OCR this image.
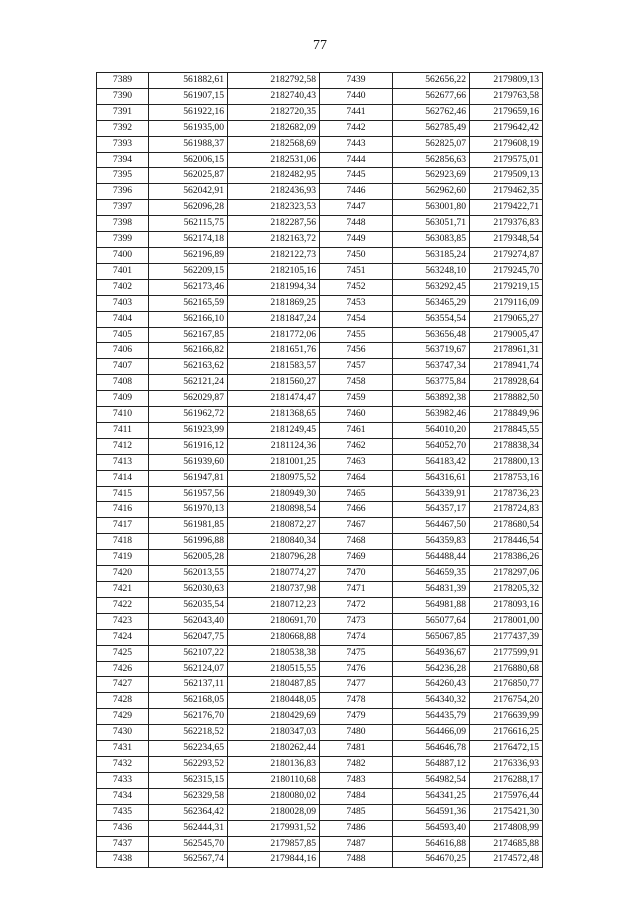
77
7389	561882,61	2182792,58	7439	562656,22	2179809,13
7390	561907,15	2182740,43	7440	562677,66	2179763,58
7391	561922,16	2182720,35	7441	562762,46	2179659,16
7392	561935,00	2182682,09	7442	562785,49	2179642,42
7393	561988,37	2182568,69	7443	562825,07	2179608,19
7394	562006,15	2182531,06	7444	562856,63	2179575,01
7395	562025,87	2182482,95	7445	562923,69	2179509,13
7396	562042,91	2182436,93	7446	562962,60	2179462,35
7397	562096,28	2182323,53	7447	563001,80	2179422,71
7398	562115,75	2182287,56	7448	563051,71	2179376,83
7399	562174,18	2182163,72	7449	563083,85	2179348,54
7400	562196,89	2182122,73	7450	563185,24	2179274,87
7401	562209,15	2182105,16	7451	563248,10	2179245,70
7402	562173,46	2181994,34	7452	563292,45	2179219,15
7403	562165,59	2181869,25	7453	563465,29	2179116,09
7404	562166,10	2181847,24	7454	563554,54	2179065,27
7405	562167,85	2181772,06	7455	563656,48	2179005,47
7406	562166,82	2181651,76	7456	563719,67	2178961,31
7407	562163,62	2181583,57	7457	563747,34	2178941,74
7408	562121,24	2181560,27	7458	563775,84	2178928,64
7409	562029,87	2181474,47	7459	563892,38	2178882,50
7410	561962,72	2181368,65	7460	563982,46	2178849,96
7411	561923,99	2181249,45	7461	564010,20	2178845,55
7412	561916,12	2181124,36	7462	564052,70	2178838,34
7413	561939,60	2181001,25	7463	564183,42	2178800,13
7414	561947,81	2180975,52	7464	564316,61	2178753,16
7415	561957,56	2180949,30	7465	564339,91	2178736,23
7416	561970,13	2180898,54	7466	564357,17	2178724,83
7417	561981,85	2180872,27	7467	564467,50	2178680,54
7418	561996,88	2180840,34	7468	564359,83	2178446,54
7419	562005,28	2180796,28	7469	564488,44	2178386,26
7420	562013,55	2180774,27	7470	564659,35	2178297,06
7421	562030,63	2180737,98	7471	564831,39	2178205,32
7422	562035,54	2180712,23	7472	564981,88	2178093,16
7423	562043,40	2180691,70	7473	565077,64	2178001,00
7424	562047,75	2180668,88	7474	565067,85	2177437,39
7425	562107,22	2180538,38	7475	564936,67	2177599,91
7426	562124,07	2180515,55	7476	564236,28	2176880,68
7427	562137,11	2180487,85	7477	564260,43	2176850,77
7428	562168,05	2180448,05	7478	564340,32	2176754,20
7429	562176,70	2180429,69	7479	564435,79	2176639,99
7430	562218,52	2180347,03	7480	564466,09	2176616,25
7431	562234,65	2180262,44	7481	564646,78	2176472,15
7432	562293,52	2180136,83	7482	564887,12	2176336,93
7433	562315,15	2180110,68	7483	564982,54	2176288,17
7434	562329,58	2180080,02	7484	564341,25	2175976,44
7435	562364,42	2180028,09	7485	564591,36	2175421,30
7436	562444,31	2179931,52	7486	564593,40	2174808,99
7437	562545,70	2179857,85	7487	564616,88	2174685,88
7438	562567,74	2179844,16	7488	564670,25	2174572,48
